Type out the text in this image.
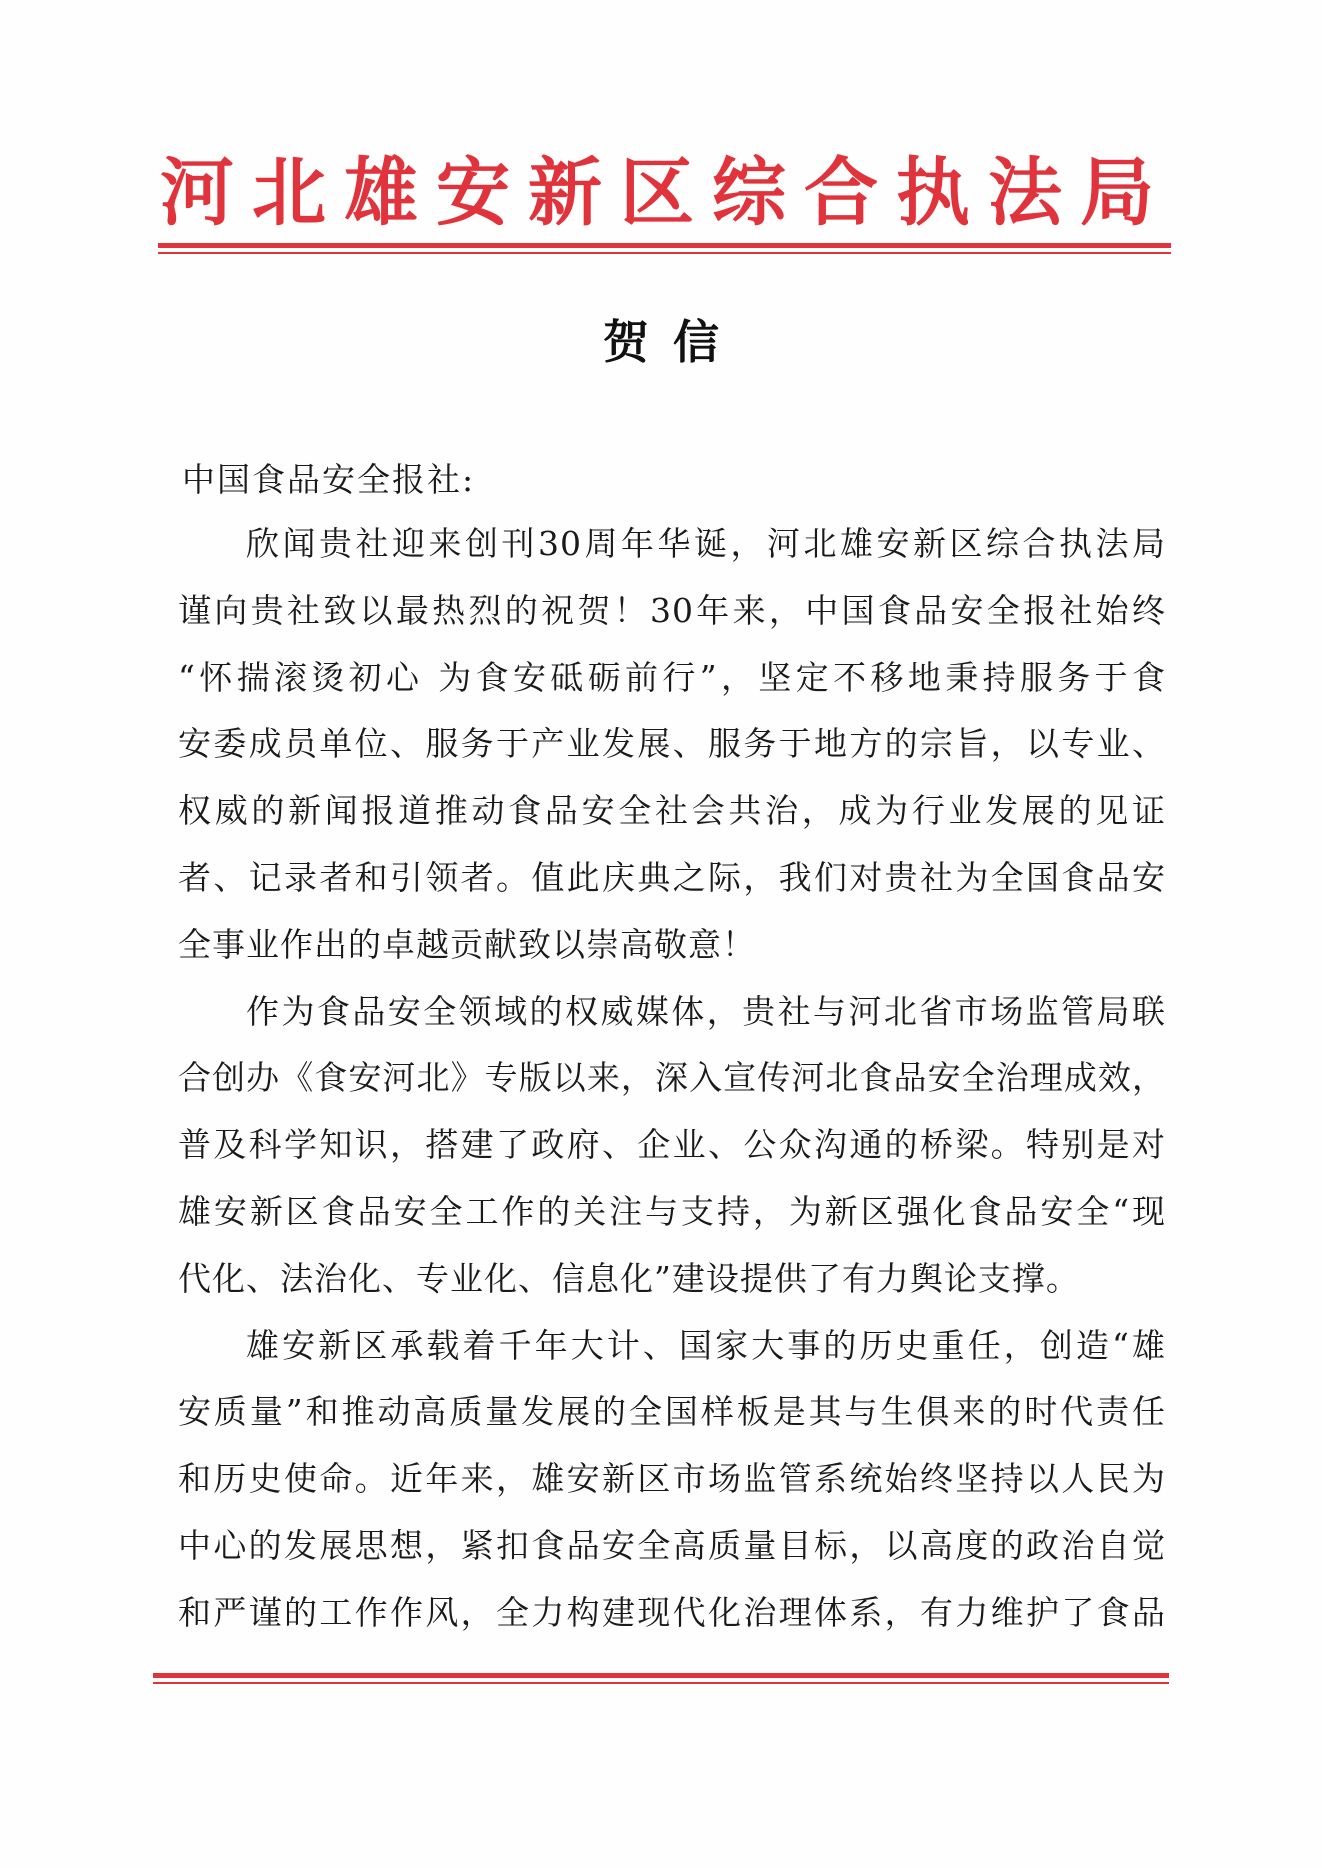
河北雄安新区综合执法局
贺信
中国食品安全报社:
欣闻贵社迎来创刊30周年华诞，河北雄安新区综合执法局
谨向贵社致以最热烈的祝贺！30年来，中国食品安全报社始终
“怀揣滚烫初心 为食安砥砺前行”，坚定不移地秉持服务于食
安委成员单位、服务于产业发展、服务于地方的宗旨，以专业、
权威的新闻报道推动食品安全社会共治，成为行业发展的见证
者、记录者和引领者。值此庆典之际，我们对贵社为全国食品安
全事业作出的卓越贡献致以崇高敬意！
作为食品安全领域的权威媒体，贵社与河北省市场监管局联
合创办《食安河北》专版以来，深入宣传河北食品安全治理成效，
普及科学知识，搭建了政府、企业、公众沟通的桥梁。特别是对
雄安新区食品安全工作的关注与支持，为新区强化食品安全“现
代化、法治化、专业化、信息化”建设提供了有力舆论支撑。
雄安新区承载着千年大计、国家大事的历史重任，创造“雄
安质量”和推动高质量发展的全国样板是其与生俱来的时代责任
和历史使命。近年来，雄安新区市场监管系统始终坚持以人民为
中心的发展思想，紧扣食品安全高质量目标，以高度的政治自觉
和严谨的工作作风，全力构建现代化治理体系，有力维护了食品
